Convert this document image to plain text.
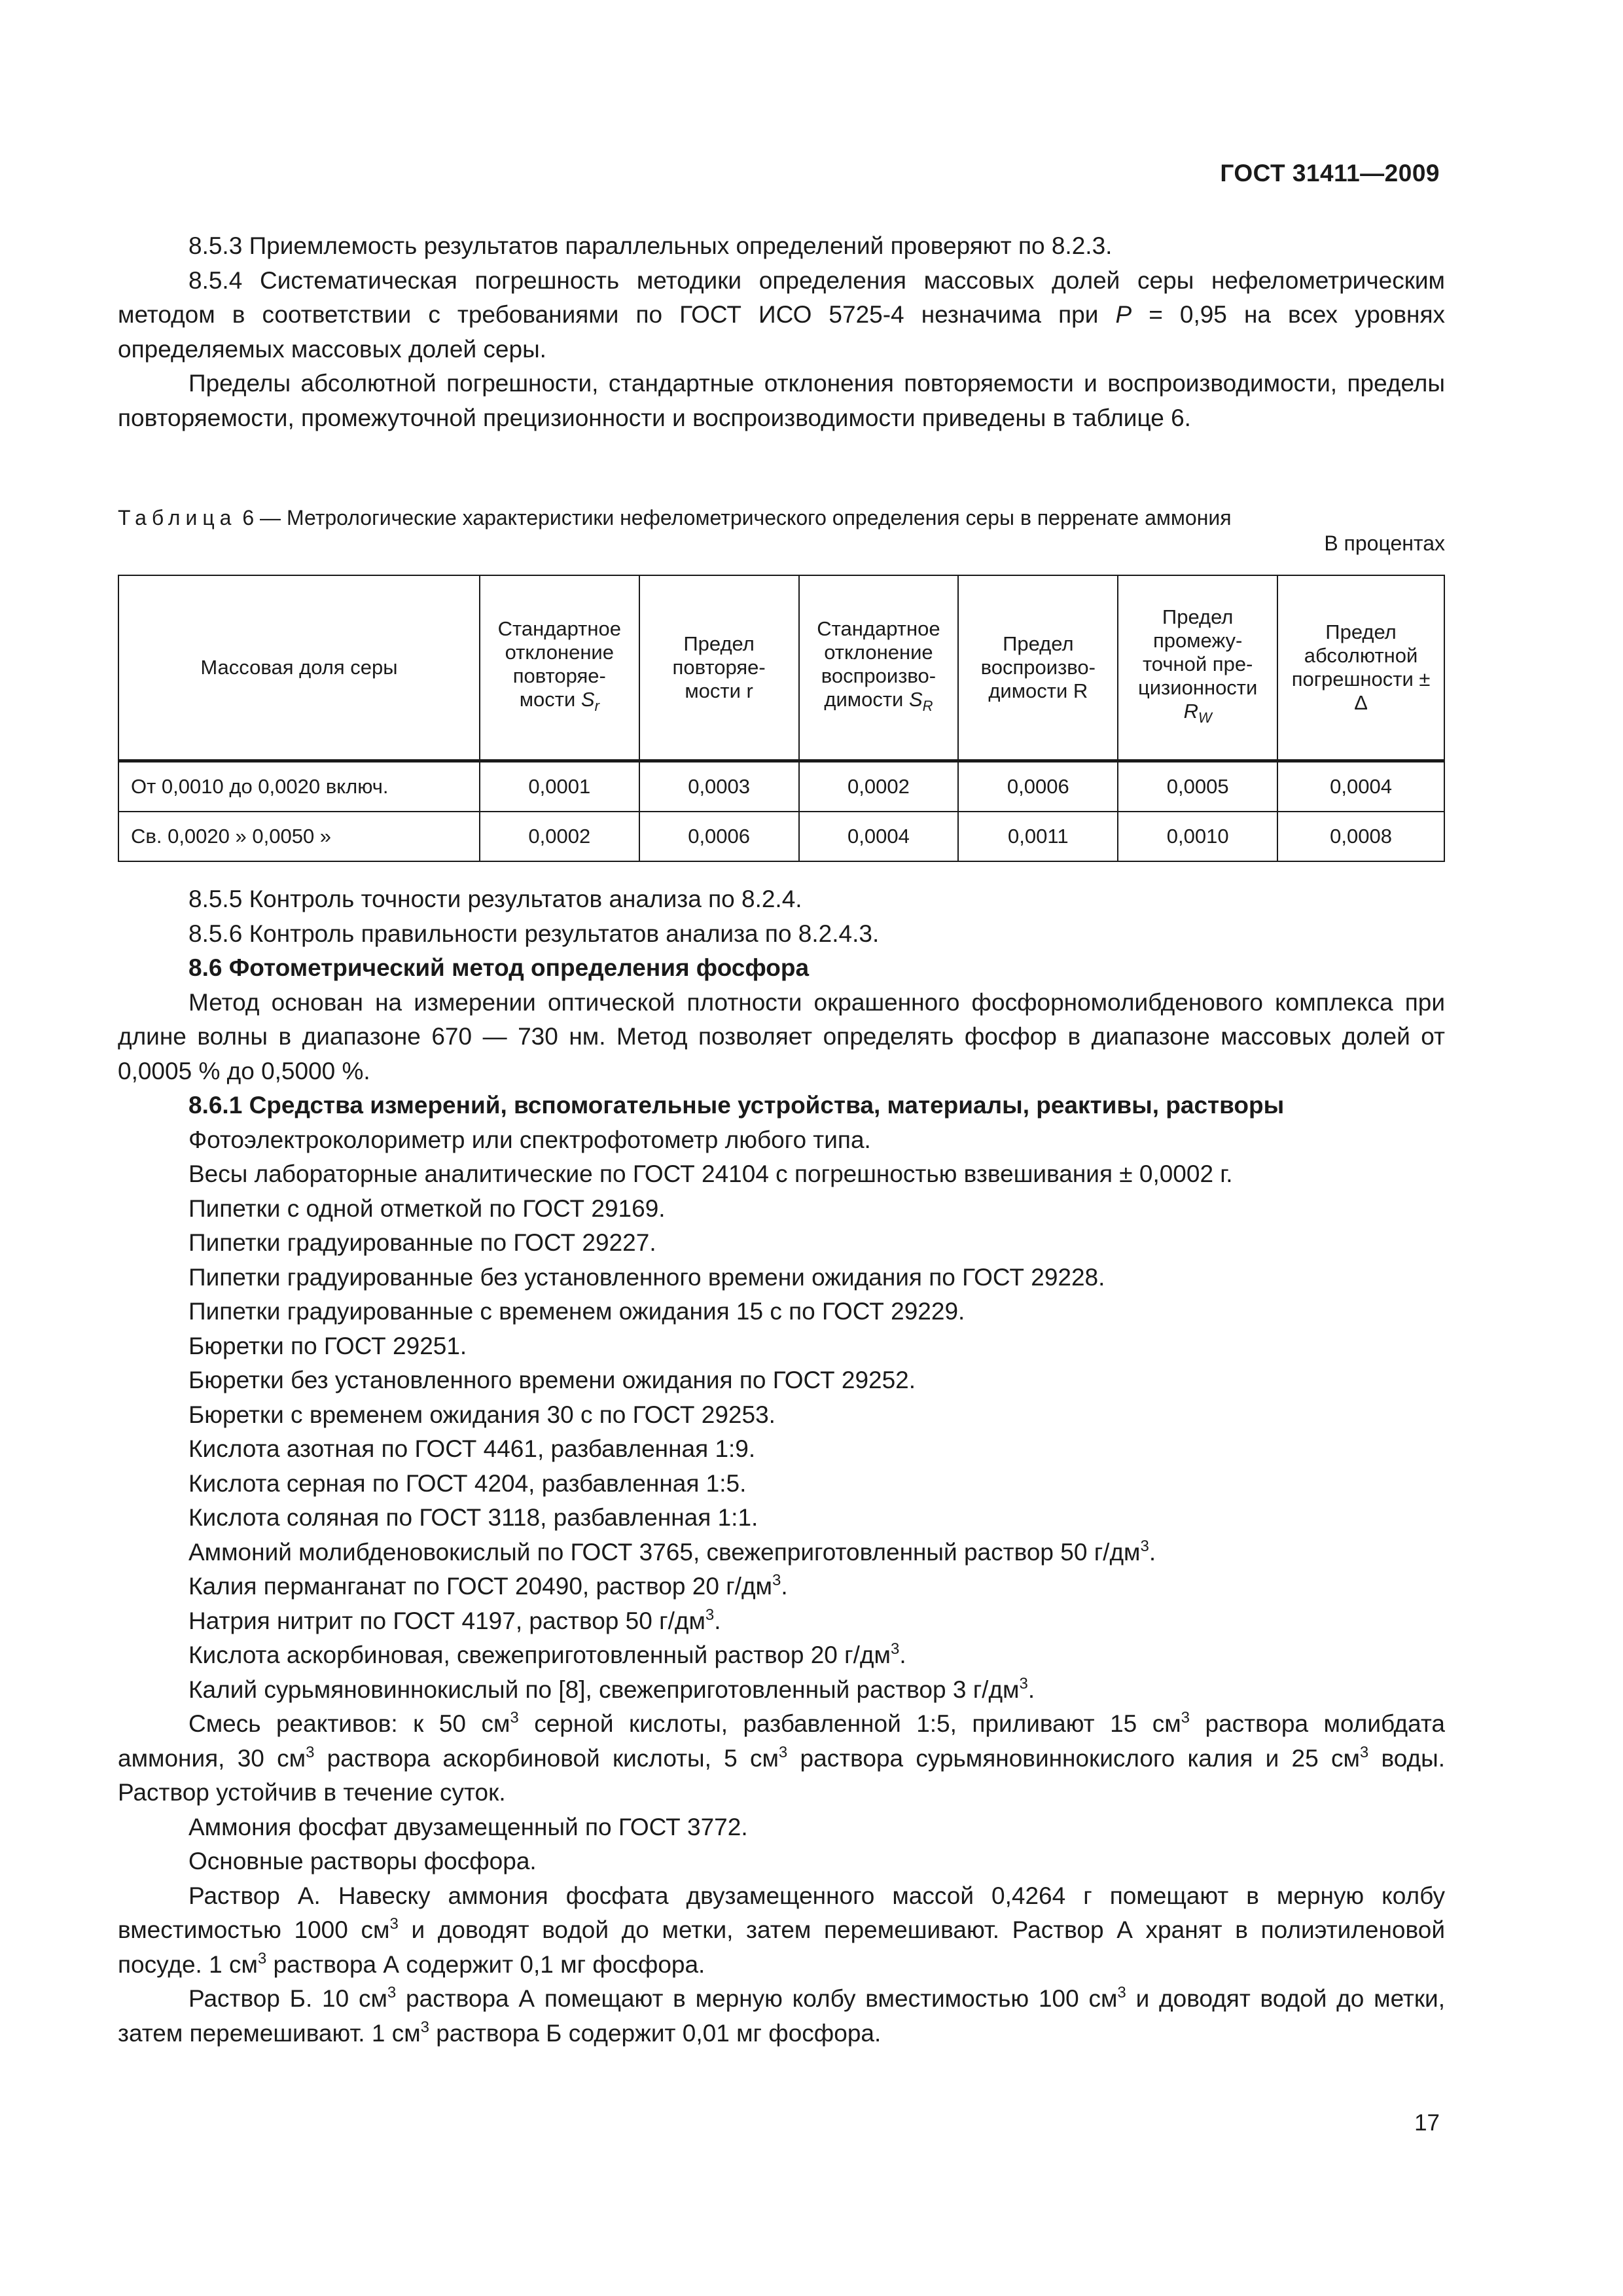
ГОСТ 31411—2009

8.5.3 Приемлемость результатов параллельных определений проверяют по 8.2.3.

8.5.4 Систематическая погрешность методики определения массовых долей серы нефелометрическим методом в соответствии с требованиями по ГОСТ ИСО 5725-4 незначима при P = 0,95 на всех уровнях определяемых массовых долей серы.

Пределы абсолютной погрешности, стандартные отклонения повторяемости и воспроизводимости, пределы повторяемости, промежуточной прецизионности и воспроизводимости приведены в таблице 6.

Таблица 6 — Метрологические характеристики нефелометрического определения серы в перренате аммония
В процентах
Массовая доля серы	Стандартное отклонение повторяе-мости $S_r$	Предел повторяе-мости r	Стандартное отклонение воспроизво-димости $S_R$	Предел воспроизво-димости R	Предел промежу-точной пре-цизионности $R_W$	Предел абсолютной погрешности ± Δ
От 0,0010 до 0,0020 включ.	0,0001	0,0003	0,0002	0,0006	0,0005	0,0004
Св. 0,0020 » 0,0050 »	0,0002	0,0006	0,0004	0,0011	0,0010	0,0008

8.5.5 Контроль точности результатов анализа по 8.2.4.

8.5.6 Контроль правильности результатов анализа по 8.2.4.3.

8.6 Фотометрический метод определения фосфора

Метод основан на измерении оптической плотности окрашенного фосфорномолибденового комплекса при длине волны в диапазоне 670 — 730 нм. Метод позволяет определять фосфор в диапазоне массовых долей от 0,0005 % до 0,5000 %.

8.6.1 Средства измерений, вспомогательные устройства, материалы, реактивы, растворы

Фотоэлектроколориметр или спектрофотометр любого типа.

Весы лабораторные аналитические по ГОСТ 24104 с погрешностью взвешивания ± 0,0002 г.

Пипетки с одной отметкой по ГОСТ 29169.

Пипетки градуированные по ГОСТ 29227.

Пипетки градуированные без установленного времени ожидания по ГОСТ 29228.

Пипетки градуированные с временем ожидания 15 с по ГОСТ 29229.

Бюретки по ГОСТ 29251.

Бюретки без установленного времени ожидания по ГОСТ 29252.

Бюретки с временем ожидания 30 с по ГОСТ 29253.

Кислота азотная по ГОСТ 4461, разбавленная 1:9.

Кислота серная по ГОСТ 4204, разбавленная 1:5.

Кислота соляная по ГОСТ 3118, разбавленная 1:1.

Аммоний молибденовокислый по ГОСТ 3765, свежеприготовленный раствор 50 $г/дм^3$.

Калия перманганат по ГОСТ 20490, раствор 20 $г/дм^3$.

Натрия нитрит по ГОСТ 4197, раствор 50 $г/дм^3$.

Кислота аскорбиновая, свежеприготовленный раствор 20 $г/дм^3$.

Калий сурьмяновиннокислый по [8], свежеприготовленный раствор 3 $г/дм^3$.

Смесь реактивов: к 50 $см^3$ серной кислоты, разбавленной 1:5, приливают 15 $см^3$ раствора молибдата аммония, 30 $см^3$ раствора аскорбиновой кислоты, 5 $см^3$ раствора сурьмяновиннокислого калия и 25 $см^3$ воды. Раствор устойчив в течение суток.

Аммония фосфат двузамещенный по ГОСТ 3772.

Основные растворы фосфора.

Раствор А. Навеску аммония фосфата двузамещенного массой 0,4264 г помещают в мерную колбу вместимостью 1000 $см^3$ и доводят водой до метки, затем перемешивают. Раствор А хранят в полиэтиленовой посуде. 1 $см^3$ раствора А содержит 0,1 мг фосфора.

Раствор Б. 10 $см^3$ раствора А помещают в мерную колбу вместимостью 100 $см^3$ и доводят водой до метки, затем перемешивают. 1 $см^3$ раствора Б содержит 0,01 мг фосфора.

17
